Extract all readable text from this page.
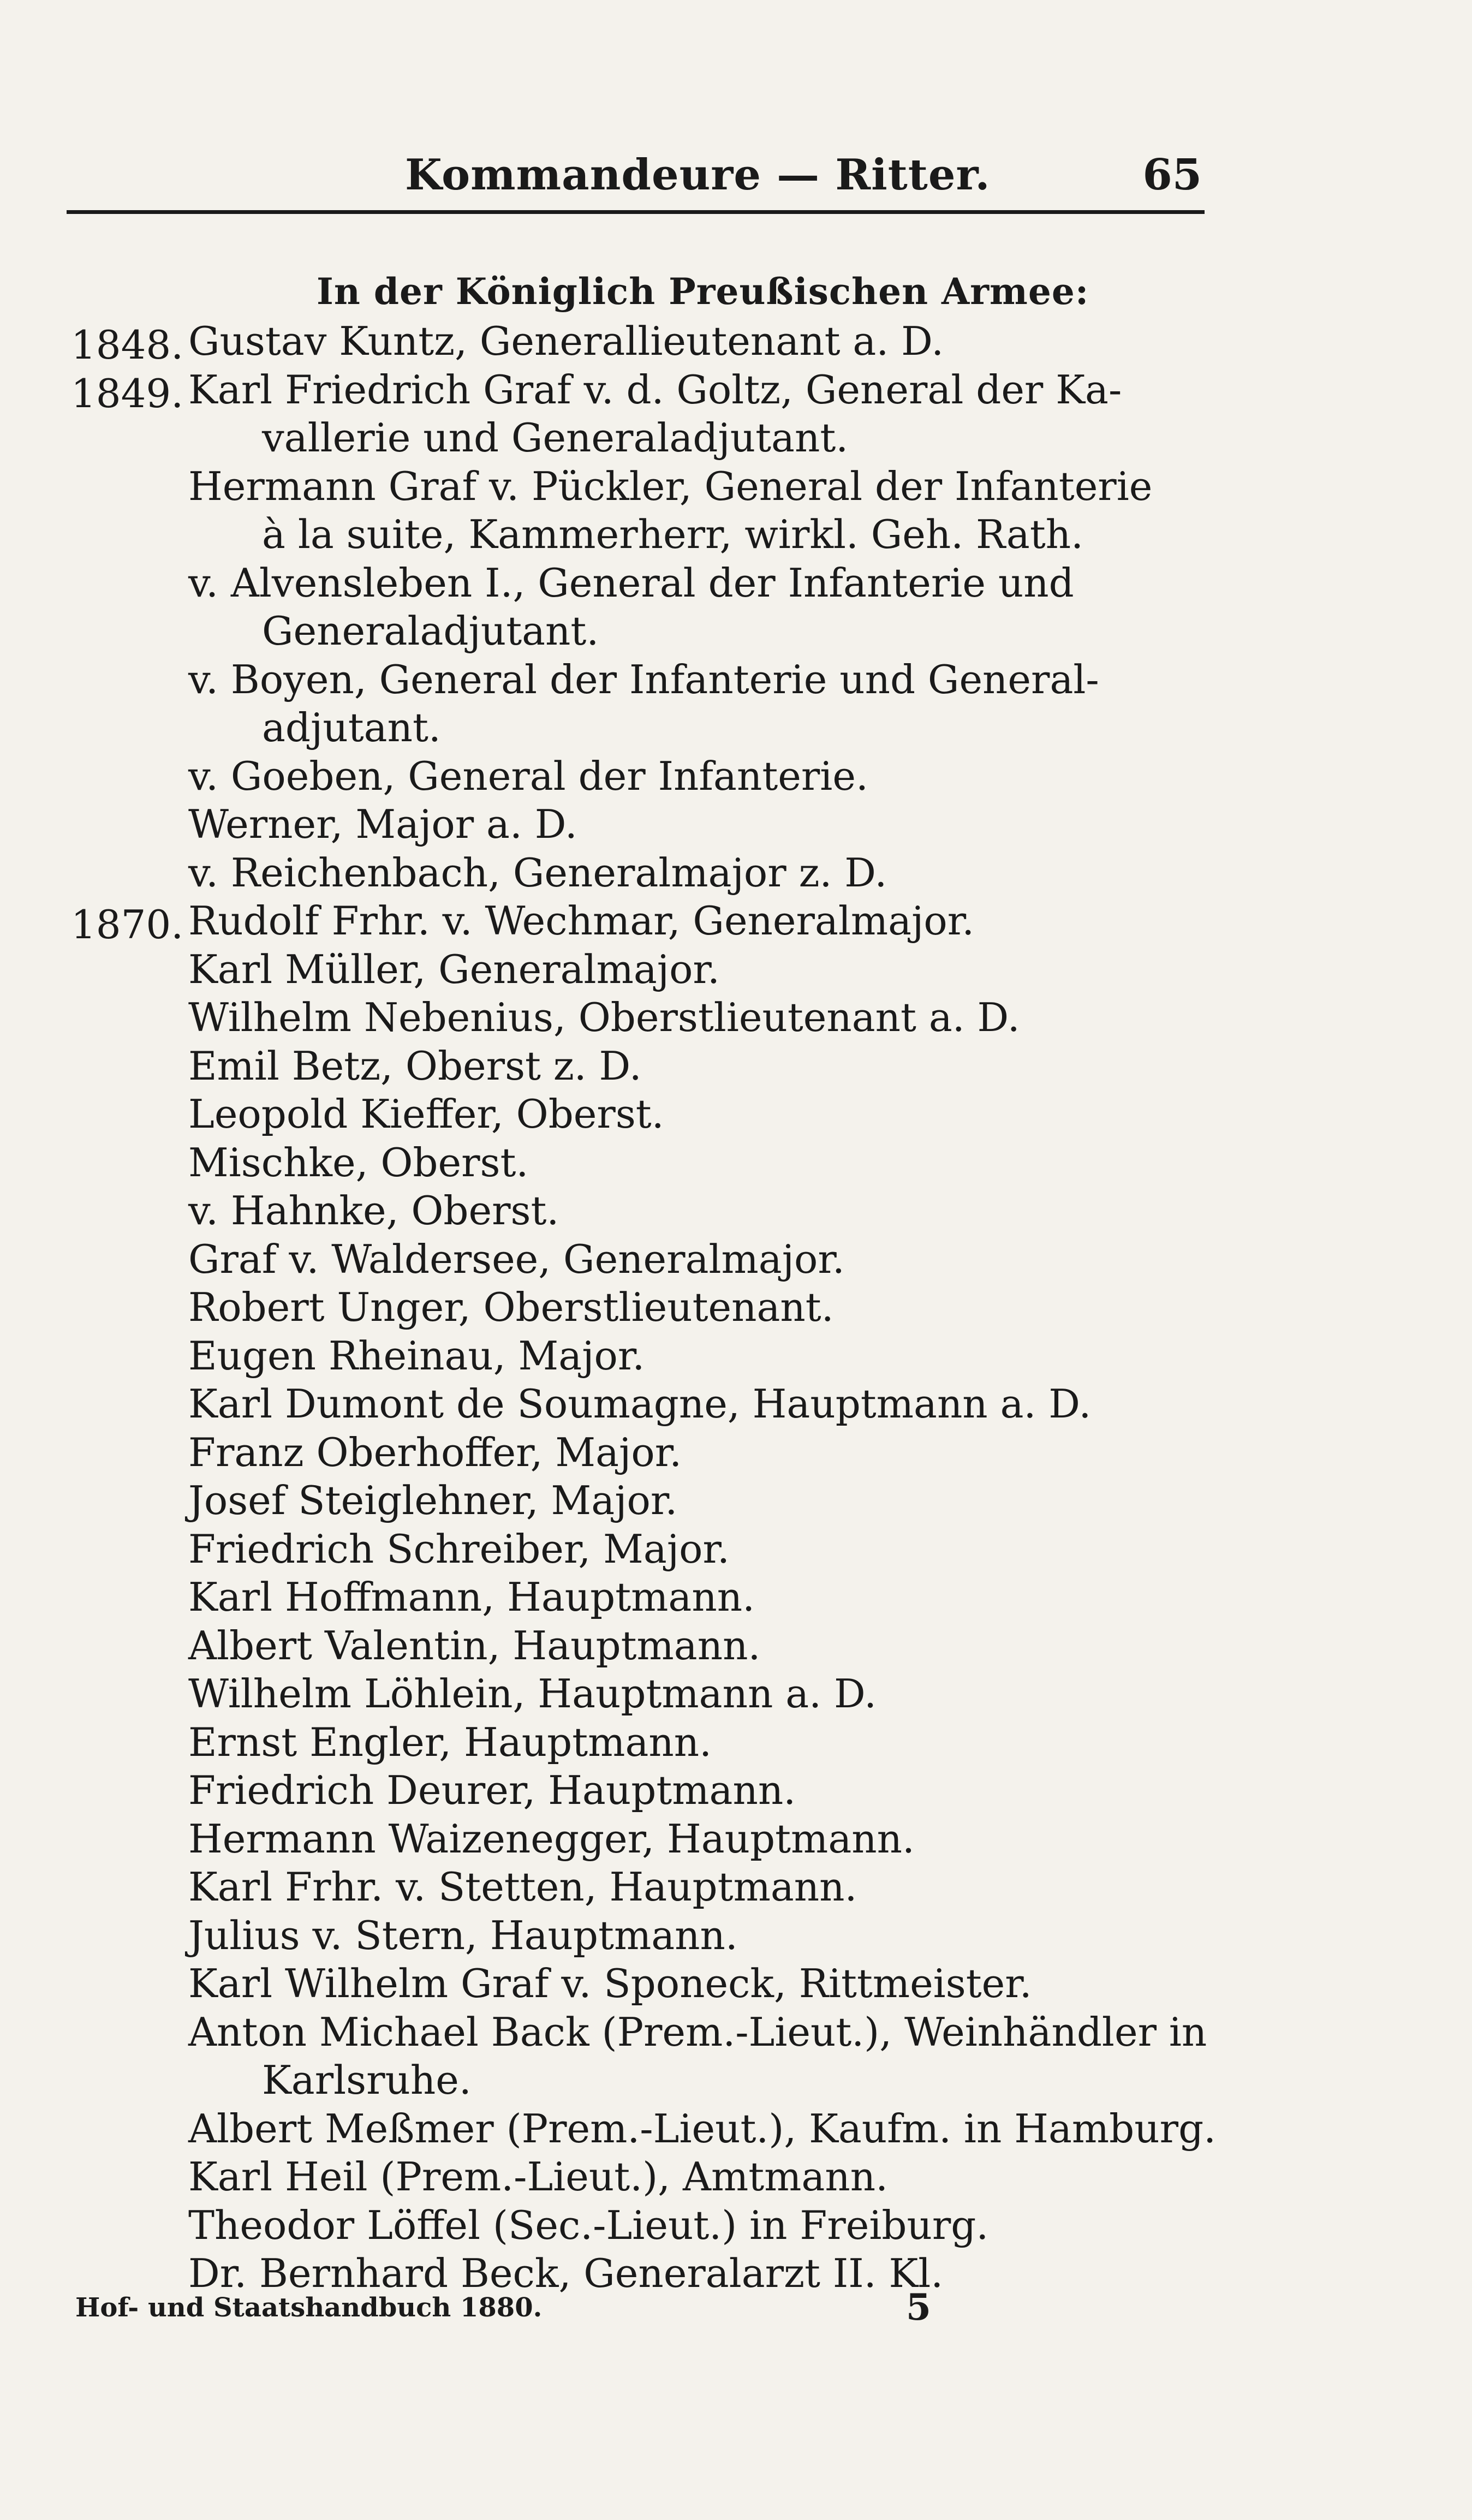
Kommandeure — Ritter.	65
In der Königlich Preußischen Armee:
1848. Gustav Kuntz, Generallieutenant a. D.
1849. Karl Friedrich Graf v. d. Goltz, General der Ka-
vallerie und Generaladjutant.
Hermann Graf v. Pückler, General der Infanterie
à la suite, Kammerherr, wirkl. Geh. Rath.
v. Alvensleben I., General der Infanterie und
Generaladjutant.
v. Boyen, General der Infanterie und General-
adjutant.
v. Goeben, General der Infanterie.
Werner, Major a. D.
v. Reichenbach, Generalmajor z. D.
1870. Rudolf Frhr. v. Wechmar, Generalmajor.
Karl Müller, Generalmajor.
Wilhelm Nebenius, Oberstlieutenant a. D.
Emil Betz, Oberst z. D.
Leopold Kieffer, Oberst.
Mischke, Oberst.
v. Hahnke, Oberst.
Graf v. Waldersee, Generalmajor.
Robert Unger, Oberstlieutenant.
Eugen Rheinau, Major.
Karl Dumont de Soumagne, Hauptmann a. D.
Franz Oberhoffer, Major.
Josef Steiglehner, Major.
Friedrich Schreiber, Major.
Karl Hoffmann, Hauptmann.
Albert Valentin, Hauptmann.
Wilhelm Löhlein, Hauptmann a. D.
Ernst Engler, Hauptmann.
Friedrich Deurer, Hauptmann.
Hermann Waizenegger, Hauptmann.
Karl Frhr. v. Stetten, Hauptmann.
Julius v. Stern, Hauptmann.
Karl Wilhelm Graf v. Sponeck, Rittmeister.
Anton Michael Back (Prem.-Lieut.), Weinhändler in
Karlsruhe.
Albert Meßmer (Prem.-Lieut.), Kaufm. in Hamburg.
Karl Heil (Prem.-Lieut.), Amtmann.
Theodor Löffel (Sec.-Lieut.) in Freiburg.
Dr. Bernhard Beck, Generalarzt II. Kl.
Hof- und Staatshandbuch 1880.	5
